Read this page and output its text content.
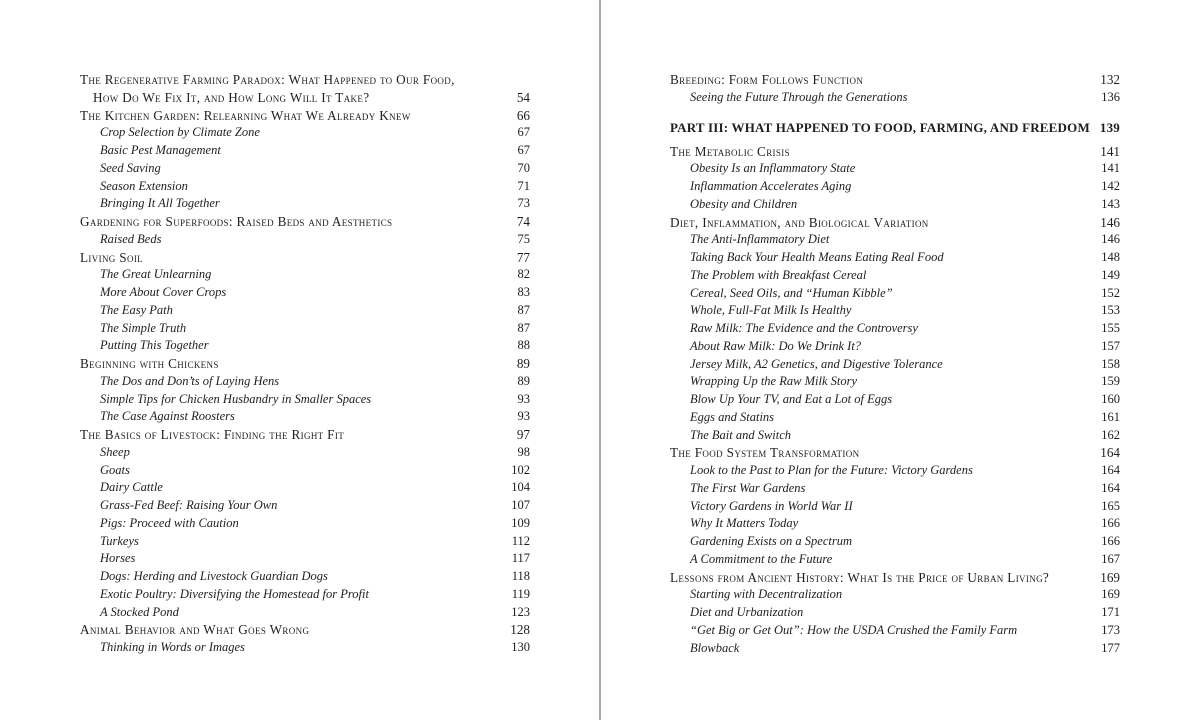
The Regenerative Farming Paradox: What Happened to Our Food,
How Do We Fix It, and How Long Will It Take?	54
The Kitchen Garden: Relearning What We Already Knew	66
Crop Selection by Climate Zone	67
Basic Pest Management	67
Seed Saving	70
Season Extension	71
Bringing It All Together	73
Gardening for Superfoods: Raised Beds and Aesthetics	74
Raised Beds	75
Living Soil	77
The Great Unlearning	82
More About Cover Crops	83
The Easy Path	87
The Simple Truth	87
Putting This Together	88
Beginning with Chickens	89
The Dos and Don’ts of Laying Hens	89
Simple Tips for Chicken Husbandry in Smaller Spaces	93
The Case Against Roosters	93
The Basics of Livestock: Finding the Right Fit	97
Sheep	98
Goats	102
Dairy Cattle	104
Grass-Fed Beef: Raising Your Own	107
Pigs: Proceed with Caution	109
Turkeys	112
Horses	117
Dogs: Herding and Livestock Guardian Dogs	118
Exotic Poultry: Diversifying the Homestead for Profit	119
A Stocked Pond	123
Animal Behavior and What Goes Wrong	128
Thinking in Words or Images	130
Breeding: Form Follows Function	132
Seeing the Future Through the Generations	136
PART III: WHAT HAPPENED TO FOOD, FARMING, AND FREEDOM 139
The Metabolic Crisis	141
Obesity Is an Inflammatory State	141
Inflammation Accelerates Aging	142
Obesity and Children	143
Diet, Inflammation, and Biological Variation	146
The Anti-Inflammatory Diet	146
Taking Back Your Health Means Eating Real Food	148
The Problem with Breakfast Cereal	149
Cereal, Seed Oils, and “Human Kibble”	152
Whole, Full-Fat Milk Is Healthy	153
Raw Milk: The Evidence and the Controversy	155
About Raw Milk: Do We Drink It?	157
Jersey Milk, A2 Genetics, and Digestive Tolerance	158
Wrapping Up the Raw Milk Story	159
Blow Up Your TV, and Eat a Lot of Eggs	160
Eggs and Statins	161
The Bait and Switch	162
The Food System Transformation	164
Look to the Past to Plan for the Future: Victory Gardens	164
The First War Gardens	164
Victory Gardens in World War II	165
Why It Matters Today	166
Gardening Exists on a Spectrum	166
A Commitment to the Future	167
Lessons from Ancient History: What Is the Price of Urban Living?	169
Starting with Decentralization	169
Diet and Urbanization	171
“Get Big or Get Out”: How the USDA Crushed the Family Farm	173
Blowback	177
